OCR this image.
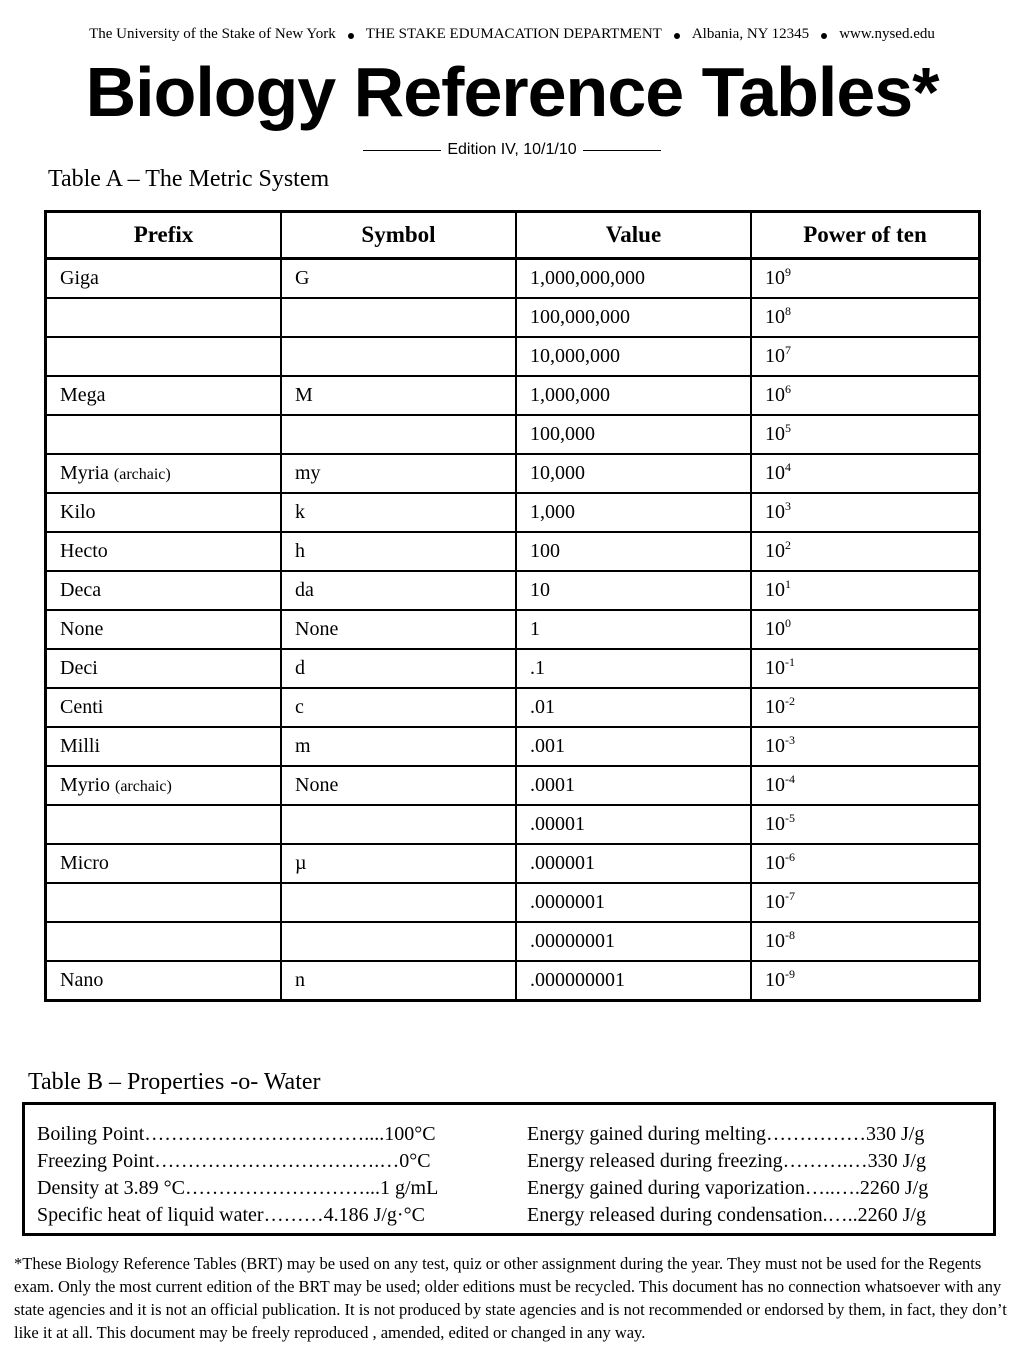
The University of the Stake of New York THE STAKE EDUMACATION DEPARTMENT Albania, NY 12345 www.nysed.edu
Biology Reference Tables*
Edition IV, 10/1/10
Table A – The Metric System
Prefix	Symbol	Value	Power of ten
Giga	G	1,000,000,000	$10^9$
		100,000,000	$10^8$
		10,000,000	$10^7$
Mega	M	1,000,000	$10^6$
		100,000	$10^5$
Myria (archaic)	my	10,000	$10^4$
Kilo	k	1,000	$10^3$
Hecto	h	100	$10^2$
Deca	da	10	$10^1$
None	None	1	$10^0$
Deci	d	.1	$10^{-1}$
Centi	c	.01	$10^{-2}$
Milli	m	.001	$10^{-3}$
Myrio (archaic)	None	.0001	$10^{-4}$
		.00001	$10^{-5}$
Micro	µ	.000001	$10^{-6}$
		.0000001	$10^{-7}$
		.00000001	$10^{-8}$
Nano	n	.000000001	$10^{-9}$
Table B – Properties -o- Water
Boiling Point……………………………....100°C
Freezing Point…………………………….…0°C
Density at 3.89 °C………………………...1 g/mL
Specific heat of liquid water………4.186 J/g·°C
Energy gained during melting……………330 J/g
Energy released during freezing……….…330 J/g
Energy gained during vaporization…..….2260 J/g
Energy released during condensation.…..2260 J/g
*These Biology Reference Tables (BRT) may be used on any test, quiz or other assignment during the year. They must not be used for the Regents exam. Only the most current edition of the BRT may be used; older editions must be recycled. This document has no connection whatsoever with any state agencies and it is not an official publication. It is not produced by state agencies and is not recommended or endorsed by them, in fact, they don’t like it at all. This document may be freely reproduced , amended, edited or changed in any way.
